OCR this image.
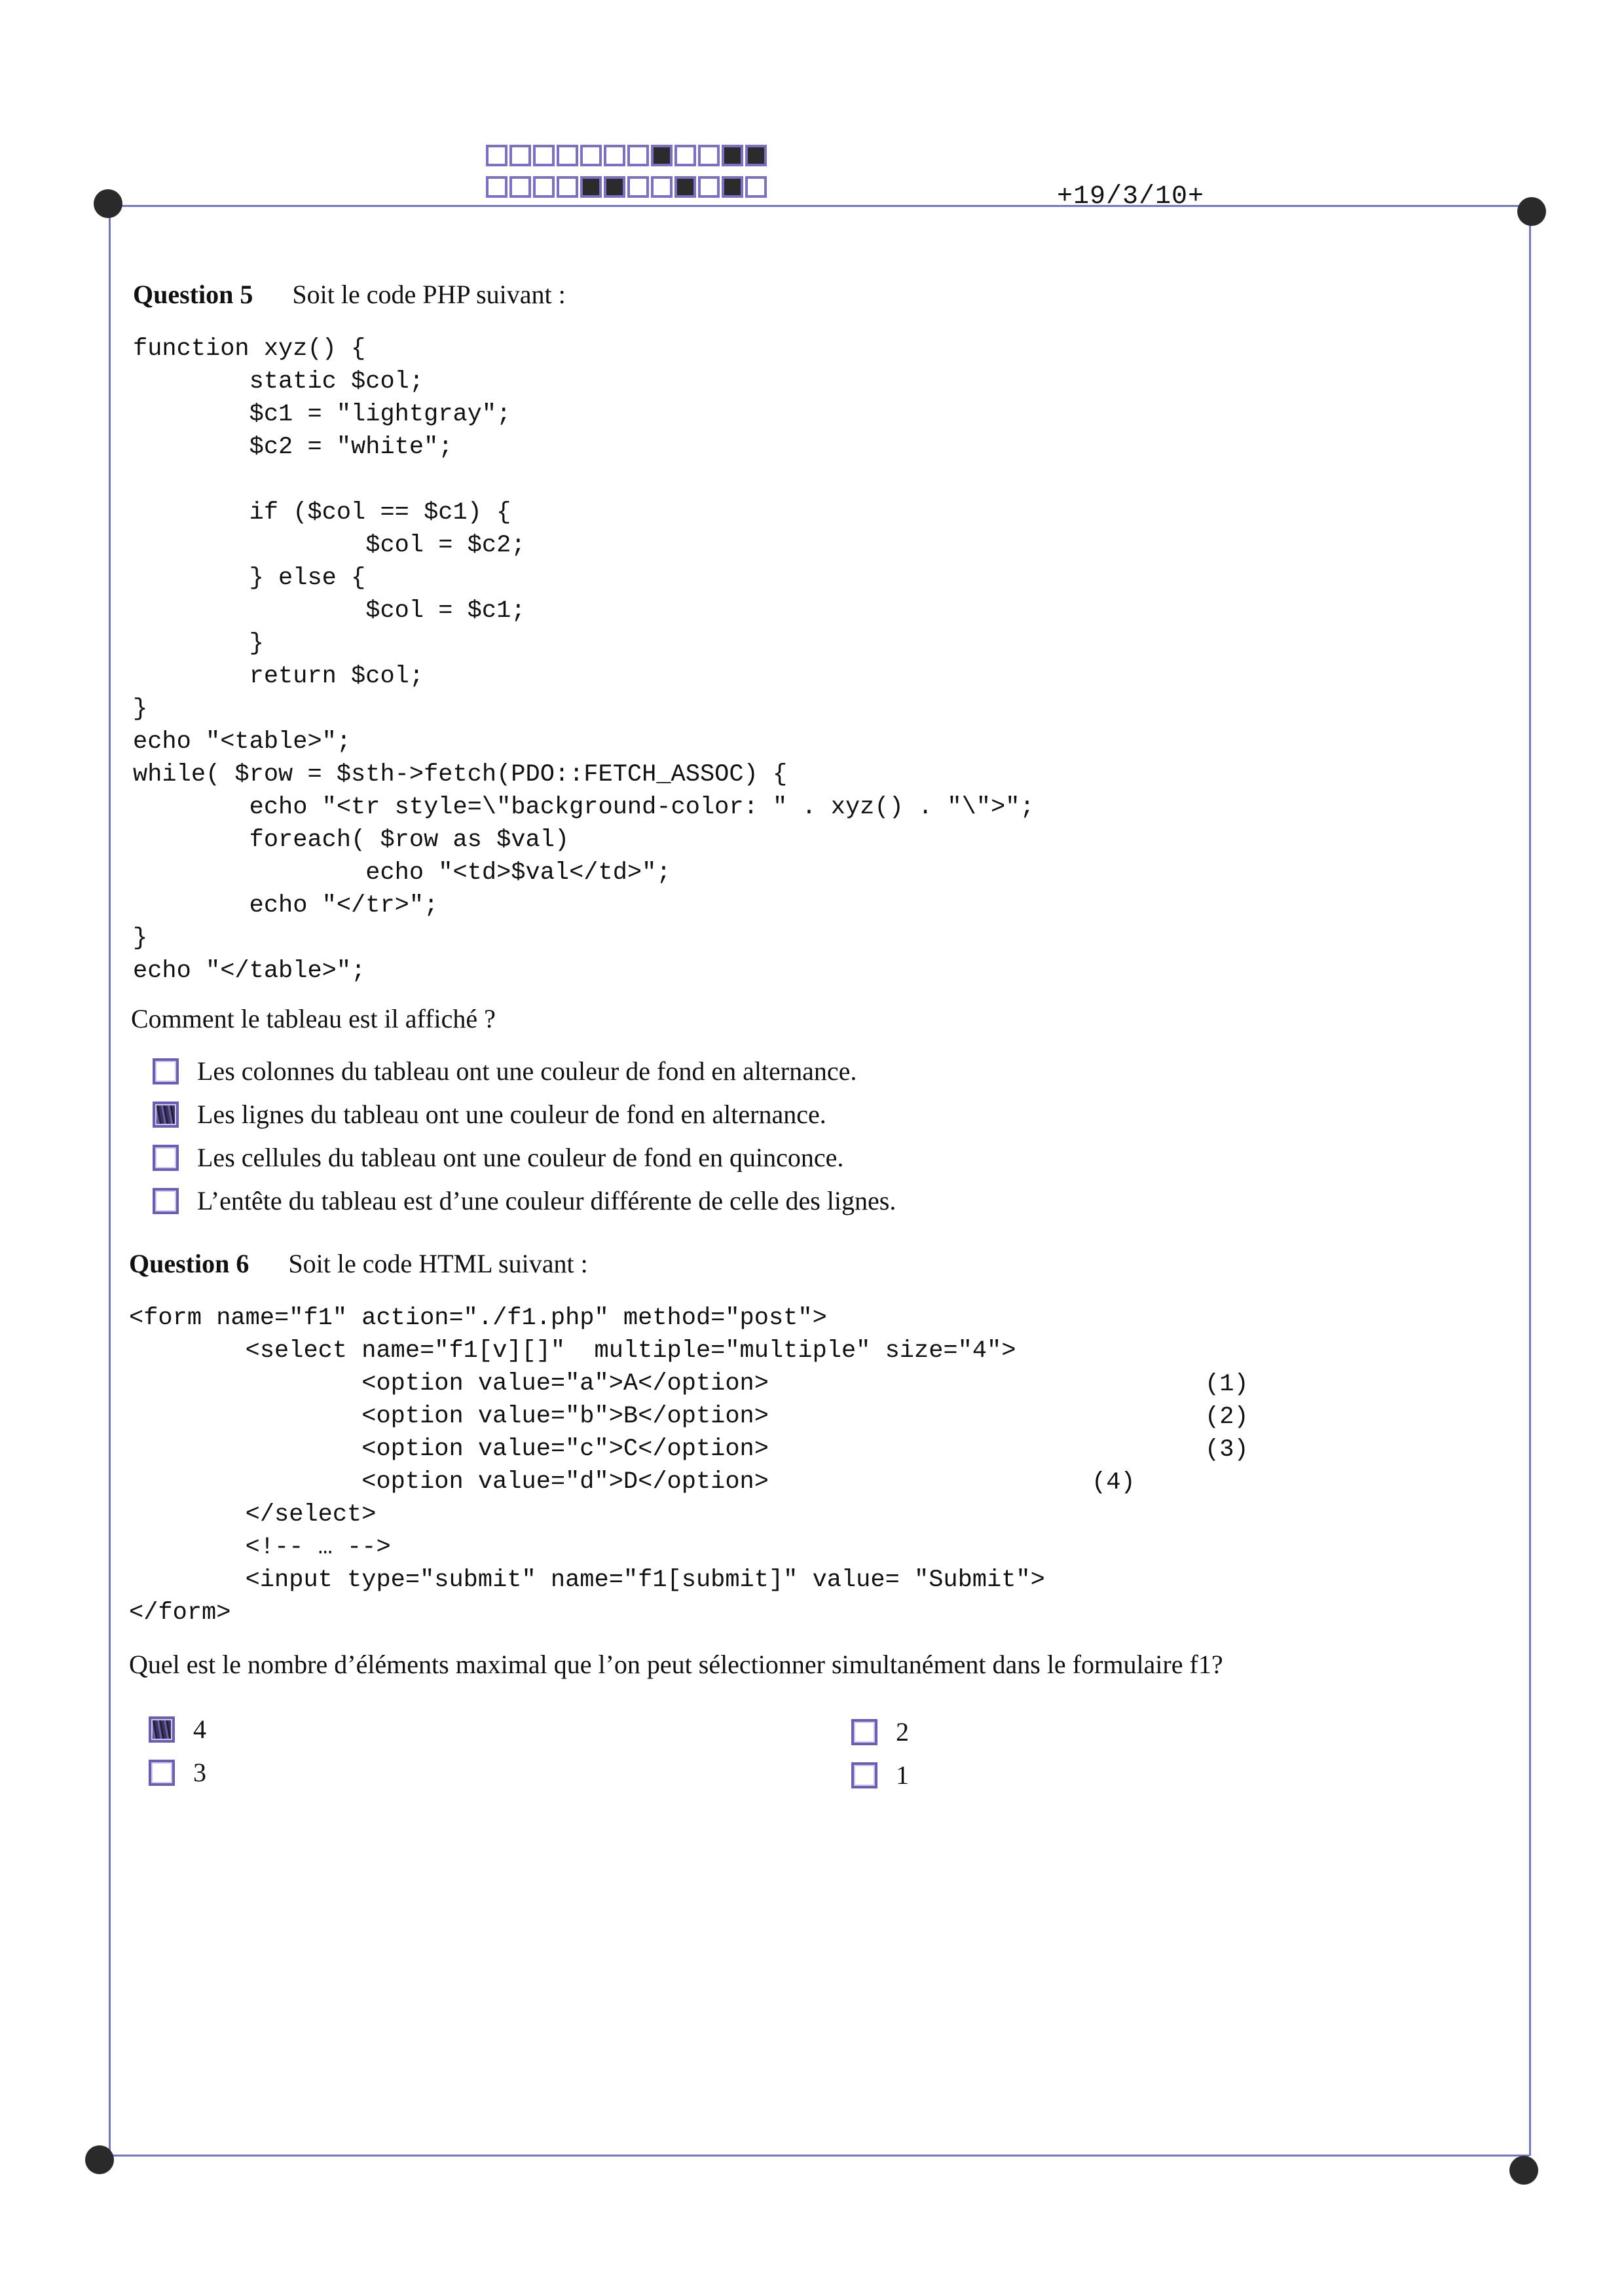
+19/3/10+
Question 5 Soit le code PHP suivant :
function xyz() {
static $col;
$c1 = "lightgray";
$c2 = "white";

if ($col == $c1) {
$col = $c2;
} else {
$col = $c1;
}
return $col;
}
echo "<table>";
while( $row = $sth->fetch(PDO::FETCH_ASSOC) {
echo "<tr style=\"background-color: " . xyz() . "\">";
foreach( $row as $val)
echo "<td>$val</td>";
echo "</tr>";
}
echo "</table>";
Comment le tableau est il affiché ?
Les colonnes du tableau ont une couleur de fond en alternance.
Les lignes du tableau ont une couleur de fond en alternance.
Les cellules du tableau ont une couleur de fond en quinconce.
L’entête du tableau est d’une couleur différente de celle des lignes.
Question 6 Soit le code HTML suivant :
<form name="f1" action="./f1.php" method="post">
<select name="f1[v][]"  multiple="multiple" size="4">
<option value="a">A</option>
<option value="b">B</option>
<option value="c">C</option>
<option value="d">D</option>
</select>
<!-- … -->
<input type="submit" name="f1[submit]" value= "Submit">
</form>
(1)
(2)
(3)
(4)
Quel est le nombre d’éléments maximal que l’on peut sélectionner simultanément dans le formulaire f1?
4
3
2
1
